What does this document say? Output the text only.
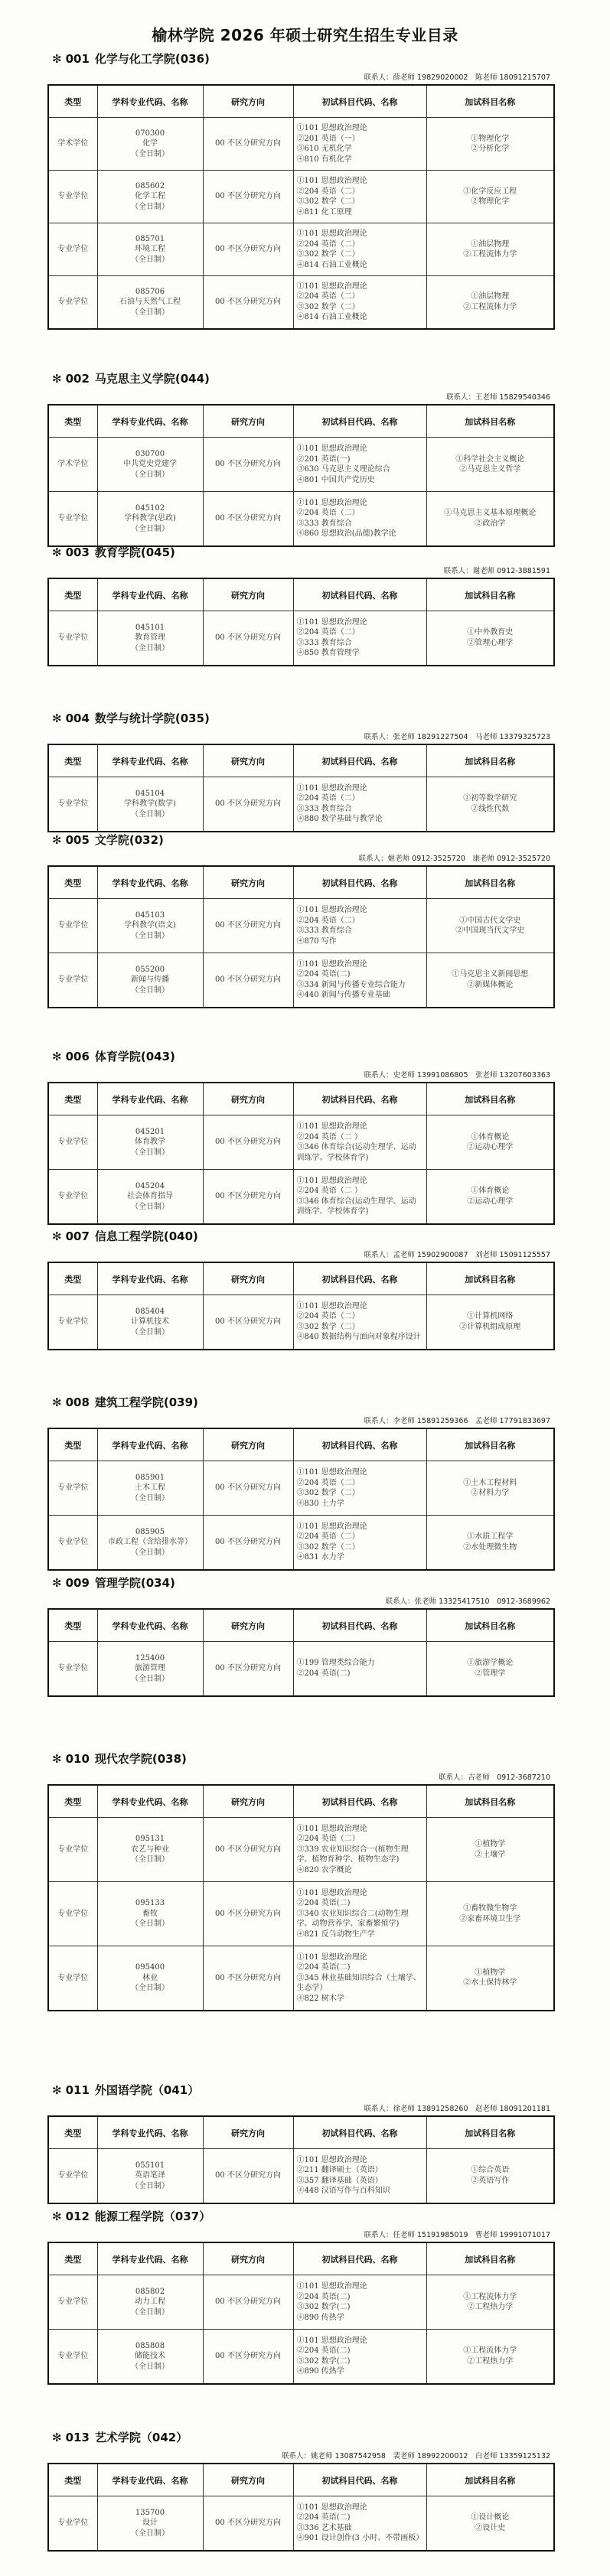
榆林学院 2026 年硕士研究生招生专业目录
✻ 001 化学与化工学院(036)
联系人：薛老师 19829020002　陈老师 18091215707
类型	学科专业代码、名称	研究方向	初试科目代码、名称	加试科目名称
学术学位	070300
化学
（全日制）	00 不区分研究方向	①101 思想政治理论
②201 英语（一）
③610 无机化学
④810 有机化学	①物理化学
②分析化学

专业学位	085602
化学工程
（全日制）	00 不区分研究方向	①101 思想政治理论
②204 英语（二）
③302 数学（二）
④811 化工原理	①化学反应工程
②物理化学

专业学位	085701
环境工程
（全日制）	00 不区分研究方向	①101 思想政治理论
②204 英语（二）
③302 数学（二）
④814 石油工业概论	①油层物理
②工程流体力学

专业学位	085706
石油与天然气工程
（全日制）	00 不区分研究方向	①101 思想政治理论
②204 英语（二）
③302 数学（二）
④814 石油工业概论	①油层物理
②工程流体力学
✻ 002 马克思主义学院(044)
联系人：王老师 15829540346
类型	学科专业代码、名称	研究方向	初试科目代码、名称	加试科目名称
学术学位	030700
中共党史党建学
（全日制）	00 不区分研究方向	①101 思想政治理论
②201 英语(一)
③630 马克思主义理论综合
④801 中国共产党历史	①科学社会主义概论
②马克思主义哲学

专业学位	045102
学科教学(思政)
（全日制）	00 不区分研究方向	①101 思想政治理论
②204 英语（二）
③333 教育综合
④860 思想政治(品德)教学论	①马克思主义基本原理概论
②政治学
✻ 003 教育学院(045)
联系人：谢老师 0912-3881591
类型	学科专业代码、名称	研究方向	初试科目代码、名称	加试科目名称
专业学位	045101
教育管理
（全日制）	00 不区分研究方向	①101 思想政治理论
②204 英语（二）
③333 教育综合
④850 教育管理学	①中外教育史
②管理心理学
✻ 004 数学与统计学院(035)
联系人：张老师 18291227504　马老师 13379325723
类型	学科专业代码、名称	研究方向	初试科目代码、名称	加试科目名称
专业学位	045104
学科教学(数学)
（全日制）	00 不区分研究方向	①101 思想政治理论
②204 英语（二）
③333 教育综合
④880 数学基础与教学论	①初等数学研究
②线性代数
✻ 005 文学院(032)
联系人：姬老师 0912-3525720　康老师 0912-3525720
类型	学科专业代码、名称	研究方向	初试科目代码、名称	加试科目名称
专业学位	045103
学科教学(语文)
（全日制）	00 不区分研究方向	①101 思想政治理论
②204 英语（二）
③333 教育综合
④870 写作	①中国古代文学史
②中国现当代文学史

专业学位	055200
新闻与传播
（全日制）	00 不区分研究方向	①101 思想政治理论
②204 英语(二)
③334 新闻与传播专业综合能力
④440 新闻与传播专业基础	①马克思主义新闻思想
②新媒体概论
✻ 006 体育学院(043)
联系人：史老师 13991086805　张老师 13207603363
类型	学科专业代码、名称	研究方向	初试科目代码、名称	加试科目名称
专业学位	045201
体育教学
（全日制）	00 不区分研究方向	①101 思想政治理论
②204 英语（二 ）
③346 体育综合(运动生理学、运动训练学、学校体育学)	①体育概论
②运动心理学

专业学位	045204
社会体育指导
（全日制）	00 不区分研究方向	①101 思想政治理论
②204 英语（二 ）
③346 体育综合(运动生理学、运动训练学、学校体育学)	①体育概论
②运动心理学
✻ 007 信息工程学院(040)
联系人：孟老师 15902900087　刘老师 15091125557
类型	学科专业代码、名称	研究方向	初试科目代码、名称	加试科目名称
专业学位	085404
计算机技术
（全日制）	00 不区分研究方向	①101 思想政治理论
②204 英语（二）
③302 数学（二）
④840 数据结构与面向对象程序设计	①计算机网络
②计算机组成原理
✻ 008 建筑工程学院(039)
联系人：李老师 15891259366　孟老师 17791833697
类型	学科专业代码、名称	研究方向	初试科目代码、名称	加试科目名称
专业学位	085901
土木工程
（全日制）	00 不区分研究方向	①101 思想政治理论
②204 英语（二）
③302 数学（二）
④830 土力学	①土木工程材料
②材料力学

专业学位	085905
市政工程（含给排水等）
（全日制）	00 不区分研究方向	①101 思想政治理论
②204 英语（二）
③302 数学（二）
④831 水力学	①水质工程学
②水处理微生物
✻ 009 管理学院(034)
联系人：张老师 13325417510　0912-3689962
类型	学科专业代码、名称	研究方向	初试科目代码、名称	加试科目名称
专业学位	125400
旅游管理
（全日制）	00 不区分研究方向	①199 管理类综合能力
②204 英语(二)	①旅游学概论
②管理学
✻ 010 现代农学院(038)
联系人：吉老师　0912-3687210
类型	学科专业代码、名称	研究方向	初试科目代码、名称	加试科目名称
专业学位	095131
农艺与种业
（全日制）	00 不区分研究方向	①101 思想政治理论
②204 英语（二）
③339 农业知识综合一(植物生理学、植物育种学、植物生态学)
④820 农学概论	①植物学
②土壤学

专业学位	095133
畜牧
（全日制）	00 不区分研究方向	①101 思想政治理论
②204 英语(二)
③340 农业知识综合二(动物生理学、动物营养学、家畜繁殖学)
④821 反刍动物生产学	①畜牧微生物学
②家畜环境卫生学

专业学位	095400
林业
（全日制）	00 不区分研究方向	①101 思想政治理论
②204 英语(二)
③345 林业基础知识综合（土壤学、生态学）
④822 树木学	①植物学
②水土保持林学
✻ 011 外国语学院（041）
联系人：徐老师 13891258260　赵老师 18091201181
类型	学科专业代码、名称	研究方向	初试科目代码、名称	加试科目名称
专业学位	055101
英语笔译
（全日制）	00 不区分研究方向	①101 思想政治理论
②211 翻译硕士（英语）
③357 翻译基础（英语）
④448 汉语写作与百科知识	①综合英语
②英语写作
✻ 012 能源工程学院（037）
联系人：任老师 15191985019　曹老师 19991071017
类型	学科专业代码、名称	研究方向	初试科目代码、名称	加试科目名称
专业学位	085802
动力工程
（全日制）	00 不区分研究方向	①101 思想政治理论
②204 英语(二)
③302 数学(二)
④890 传热学	①工程流体力学
②工程热力学

专业学位	085808
储能技术
（全日制）	00 不区分研究方向	①101 思想政治理论
②204 英语(二)
③302 数学(二)
④890 传热学	①工程流体力学
②工程热力学
✻ 013 艺术学院（042）
联系人：姚老师 13087542958　裴老师 18992200012　白老师 13359125132
类型	学科专业代码、名称	研究方向	初试科目代码、名称	加试科目名称
专业学位	135700
设计
（全日制）	00 不区分研究方向	①101 思想政治理论
②204 英语(二)
③336 艺术基础
④901 设计创作(3 小时、不带画板）	①设计概论
②设计史
